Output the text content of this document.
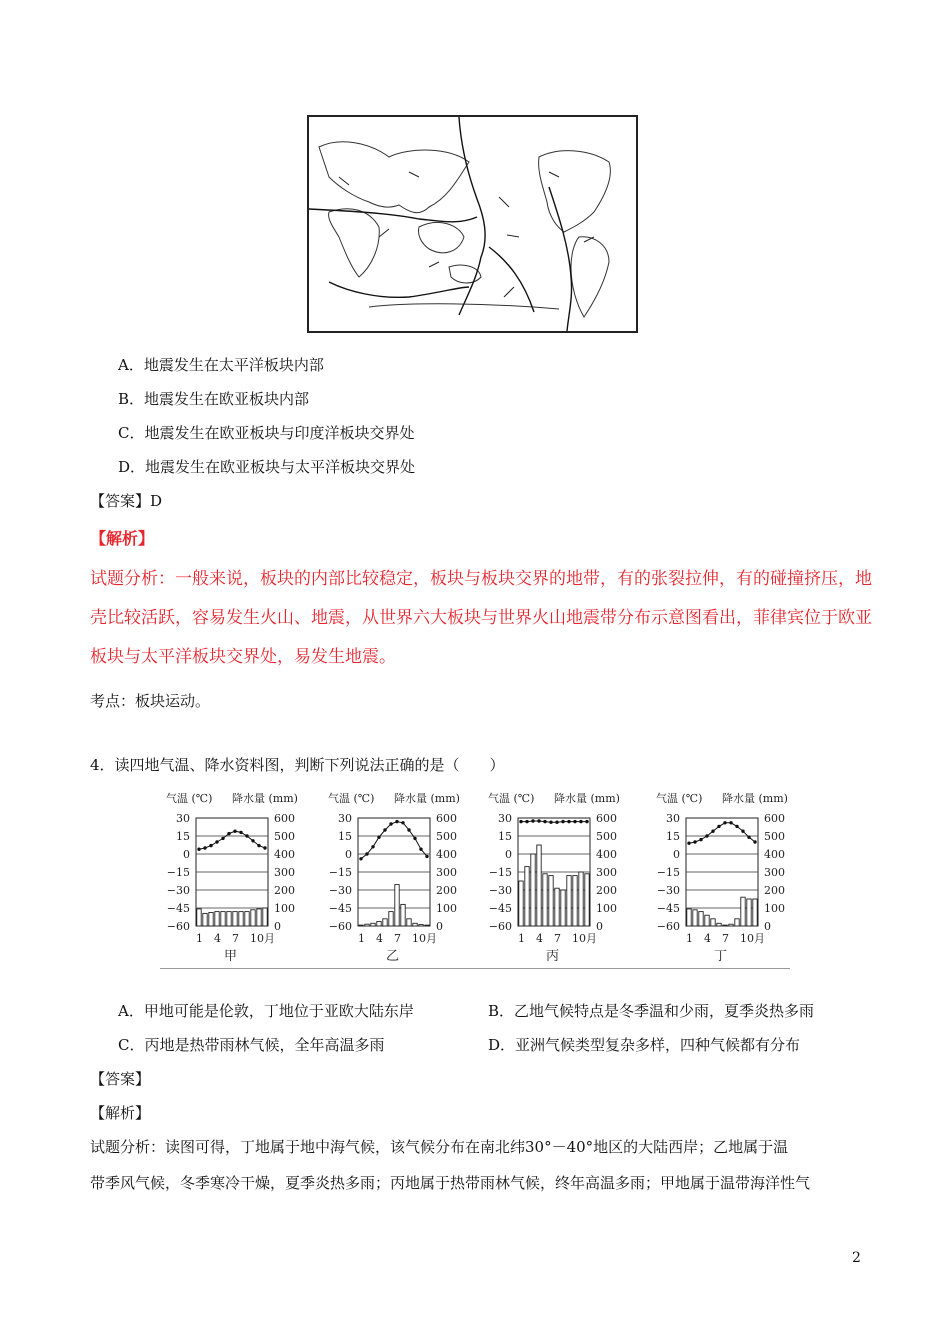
A．地震发生在太平洋板块内部
B．地震发生在欧亚板块内部
C．地震发生在欧亚板块与印度洋板块交界处
D．地震发生在欧亚板块与太平洋板块交界处
【答案】D
【解析】
试题分析：一般来说，板块的内部比较稳定，板块与板块交界的地带，有的张裂拉伸，有的碰撞挤压，地
壳比较活跃，容易发生火山、地震，从世界六大板块与世界火山地震带分布示意图看出，菲律宾位于欧亚
板块与太平洋板块交界处，易发生地震。
考点：板块运动。
4．读四地气温、降水资料图，判断下列说法正确的是（　　）
气温 (℃) 降水量 (mm)
30
15
0
−15
−30
−45
−60
600
500
400
300
200
100
0
1 4 7 10月
甲
气温 (℃) 降水量 (mm)
30
15
0
−15
−30
−45
−60
600
500
400
300
200
100
0
1 4 7 10月
乙
气温 (℃) 降水量 (mm)
30
15
0
−15
−30
−45
−60
600
500
400
300
200
100
0
1 4 7 10月
丙
气温 (℃) 降水量 (mm)
30
15
0
−15
−30
−45
−60
600
500
400
300
200
100
0
1 4 7 10月
丁
A．甲地可能是伦敦，丁地位于亚欧大陆东岸	B．乙地气候特点是冬季温和少雨，夏季炎热多雨
C．丙地是热带雨林气候，全年高温多雨	D．亚洲气候类型复杂多样，四种气候都有分布
【答案】
【解析】
试题分析：读图可得，丁地属于地中海气候，该气候分布在南北纬30°－40°地区的大陆西岸；乙地属于温
带季风气候，冬季寒冷干燥，夏季炎热多雨；丙地属于热带雨林气候，终年高温多雨；甲地属于温带海洋性气
2
